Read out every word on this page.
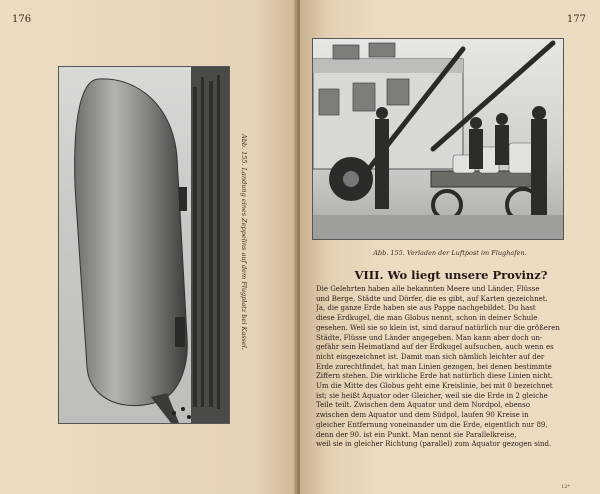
176
Abb. 155. Landung eines Zeppelins auf dem Flugplatz bei Kassel.
177
Abb. 155. Verladen der Luftpost im Flughafen.
VIII. Wo liegt unsere Provinz?

Die Gelehrten haben alle bekannten Meere und Länder, Flüsse

und Berge, Städte und Dörfer, die es gibt, auf Karten gezeichnet.

Ja, die ganze Erde haben sie aus Pappe nachgebildet. Du hast

diese Erdkugel, die man Globus nennt, schon in deiner Schule

gesehen. Weil sie so klein ist, sind darauf natürlich nur die größeren

Städte, Flüsse und Länder angegeben. Man kann aber doch un-

gefähr sein Heimatland auf der Erdkugel aufsuchen, auch wenn es

nicht eingezeichnet ist. Damit man sich nämlich leichter auf der

Erde zurechtfindet, hat man Linien gezogen, bei denen bestimmte

Ziffern stehen. Die wirkliche Erde hat natürlich diese Linien nicht.

Um die Mitte des Globus geht eine Kreislinie, bei mit 0 bezeichnet

ist; sie heißt Äquator oder Gleicher, weil sie die Erde in 2 gleiche

Teile teilt. Zwischen dem Äquator und dem Nordpol, ebenso

zwischen dem Äquator und dem Südpol, laufen 90 Kreise in

gleicher Entfernung voneinander um die Erde, eigentlich nur 89,

denn der 90. ist ein Punkt. Man nennt sie Parallelkreise,

weil sie in gleicher Richtung (parallel) zum Äquator gezogen sind.

12*
